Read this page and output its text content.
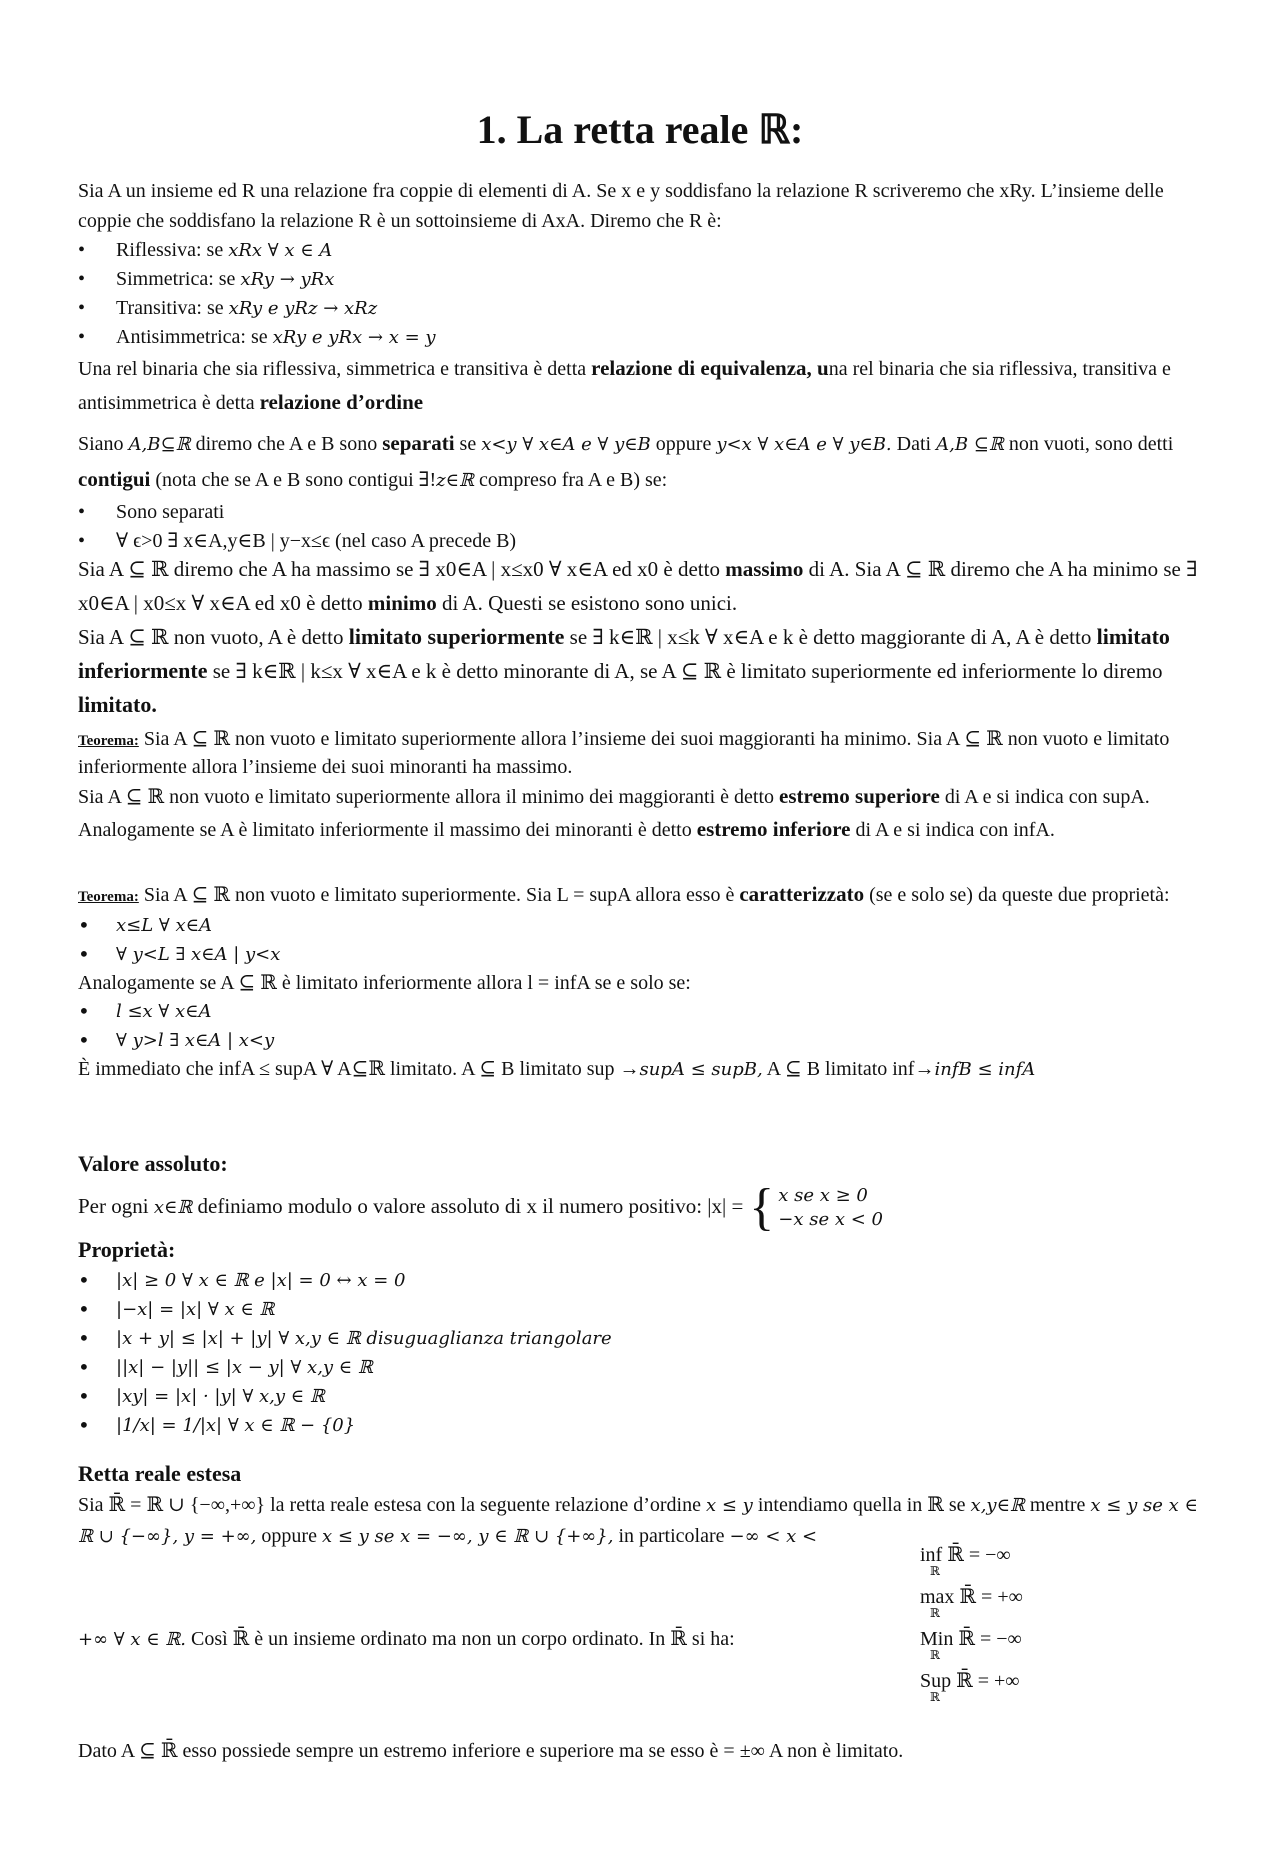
1. La retta reale ℝ:

Sia A un insieme ed R una relazione fra coppie di elementi di A. Se x e y soddisfano la relazione R scriveremo che xRy. L’insieme delle coppie che soddisfano la relazione R è un sottoinsieme di AxA. Diremo che R è:

• Riflessiva: se xRx ∀ x ∈ A
• Simmetrica: se xRy → yRx
• Transitiva: se xRy e yRz → xRz
• Antisimmetrica: se xRy e yRx → x = y

Una rel binaria che sia riflessiva, simmetrica e transitiva è detta relazione di equivalenza, una rel binaria che sia riflessiva, transitiva e antisimmetrica è detta relazione d’ordine

Siano A,B⊆ℝ diremo che A e B sono separati se x<y ∀ x∈A e ∀ y∈B oppure y<x ∀ x∈A e ∀ y∈B. Dati A,B ⊆ℝ non vuoti, sono detti contigui (nota che se A e B sono contigui ∃!z∈ℝ compreso fra A e B) se:

• Sono separati
• ∀ ϵ>0 ∃ x∈A,y∈B | y−x≤ϵ (nel caso A precede B)

Sia A ⊆ ℝ diremo che A ha massimo se ∃ x0∈A | x≤x0 ∀ x∈A ed x0 è detto massimo di A. Sia A ⊆ ℝ diremo che A ha minimo se ∃ x0∈A | x0≤x ∀ x∈A ed x0 è detto minimo di A. Questi se esistono sono unici.

Sia A ⊆ ℝ non vuoto, A è detto limitato superiormente se ∃ k∈ℝ | x≤k ∀ x∈A e k è detto maggiorante di A, A è detto limitato inferiormente se ∃ k∈ℝ | k≤x ∀ x∈A e k è detto minorante di A, se A ⊆ ℝ è limitato superiormente ed inferiormente lo diremo limitato.

Teorema: Sia A ⊆ ℝ non vuoto e limitato superiormente allora l’insieme dei suoi maggioranti ha minimo. Sia A ⊆ ℝ non vuoto e limitato inferiormente allora l’insieme dei suoi minoranti ha massimo.

Sia A ⊆ ℝ non vuoto e limitato superiormente allora il minimo dei maggioranti è detto estremo superiore di A e si indica con supA. Analogamente se A è limitato inferiormente il massimo dei minoranti è detto estremo inferiore di A e si indica con infA.

Teorema: Sia A ⊆ ℝ non vuoto e limitato superiormente. Sia L = supA allora esso è caratterizzato (se e solo se) da queste due proprietà:

• x≤L ∀ x∈A
• ∀ y<L ∃ x∈A | y<x

Analogamente se A ⊆ ℝ è limitato inferiormente allora l = infA se e solo se:

• l ≤x ∀ x∈A
• ∀ y>l ∃ x∈A | x<y

È immediato che infA ≤ supA ∀ A⊆ℝ limitato. A ⊆ B limitato sup →supA ≤ supB, A ⊆ B limitato inf→infB ≤ infA

Valore assoluto:

Per ogni x∈ℝ definiamo modulo o valore assoluto di x il numero positivo: |x| = { x se x ≥ 0
−x se x < 0

Proprietà:

• |x| ≥ 0 ∀ x ∈ ℝ e |x| = 0 ↔ x = 0
• |−x| = |x| ∀ x ∈ ℝ
• |x + y| ≤ |x| + |y| ∀ x,y ∈ ℝ disuguaglianza triangolare
• ||x| − |y|| ≤ |x − y| ∀ x,y ∈ ℝ
• |xy| = |x| · |y| ∀ x,y ∈ ℝ
• |1/x| = 1/|x| ∀ x ∈ ℝ − {0}

Retta reale estesa

Sia ℝ̄ = ℝ ∪ {−∞,+∞} la retta reale estesa con la seguente relazione d’ordine x ≤ y intendiamo quella in ℝ se x,y∈ℝ mentre x ≤ y se x ∈ ℝ ∪ {−∞}, y = +∞, oppure x ≤ y se x = −∞, y ∈ ℝ ∪ {+∞}, in particolare −∞ < x <

+∞ ∀ x ∈ ℝ. Così ℝ̄ è un insieme ordinato ma non un corpo ordinato. In ℝ̄ si ha:
inf ℝ̄ = −∞
ℝ
max ℝ̄ = +∞
ℝ
Min ℝ̄ = −∞
ℝ
Sup ℝ̄ = +∞
ℝ
Dato A ⊆ ℝ̄ esso possiede sempre un estremo inferiore e superiore ma se esso è = ±∞ A non è limitato.
